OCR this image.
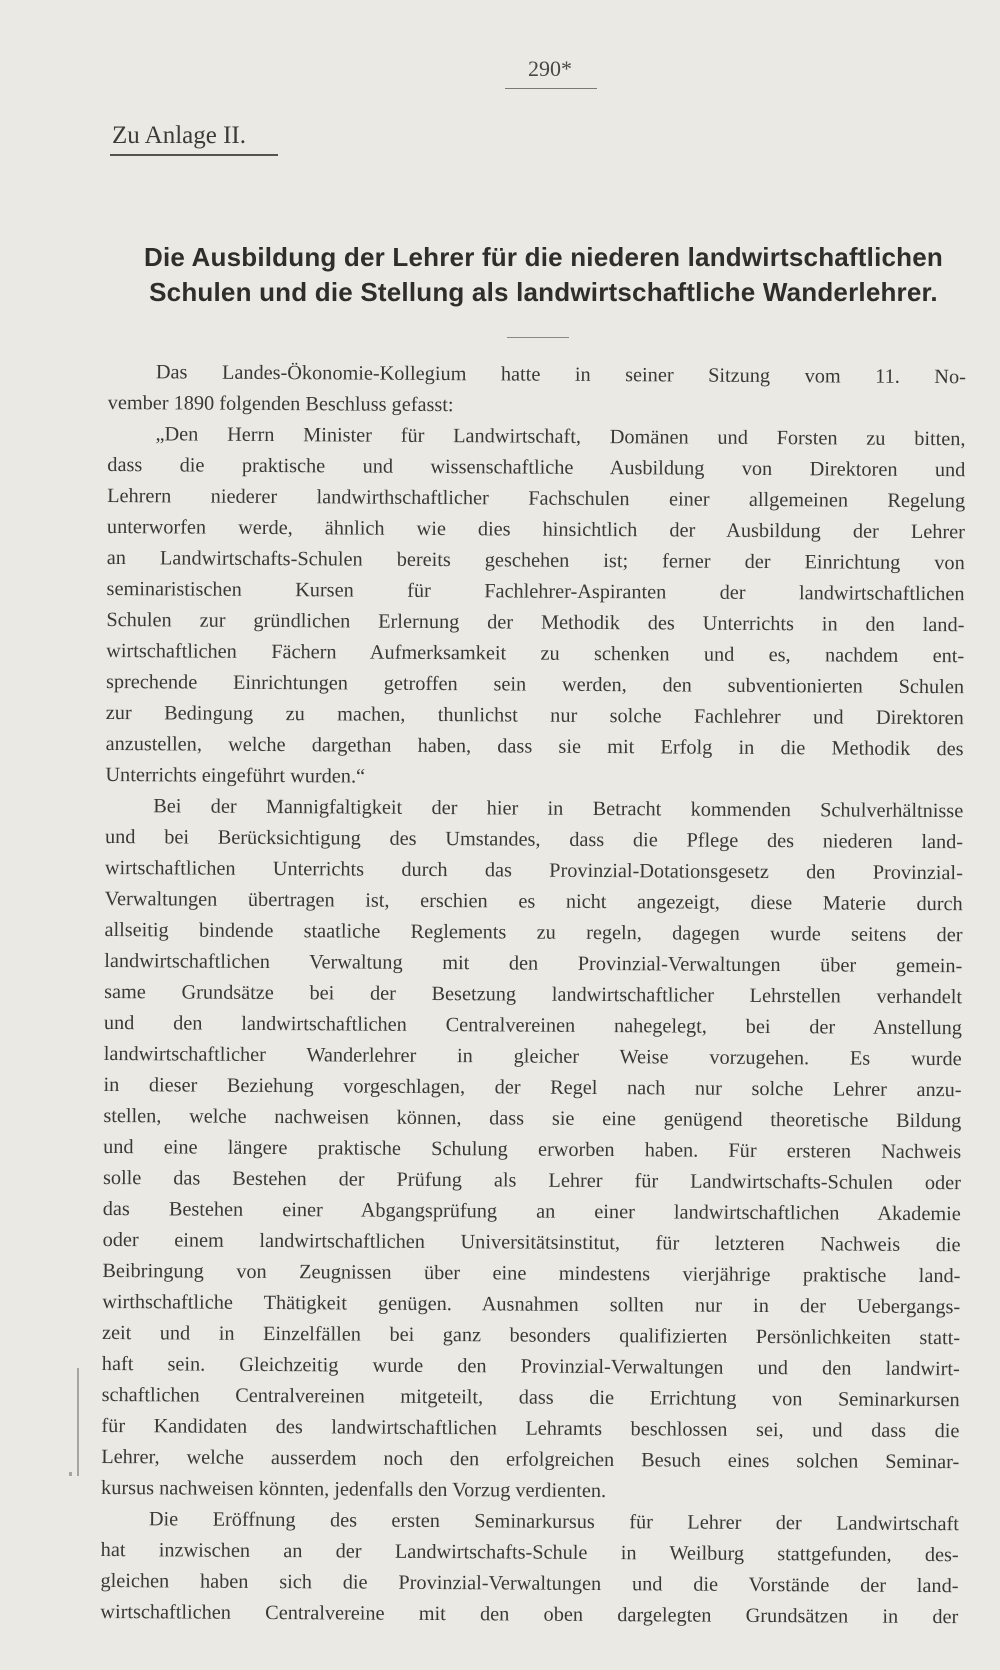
290*
Zu Anlage II.
Die Ausbildung der Lehrer für die niederen landwirtschaftlichen
Schulen und die Stellung als landwirtschaftliche Wanderlehrer.
Das Landes-Ökonomie-Kollegium hatte in seiner Sitzung vom 11. No-
vember 1890 folgenden Beschluss gefasst:
„Den Herrn Minister für Landwirtschaft, Domänen und Forsten zu bitten,
dass die praktische und wissenschaftliche Ausbildung von Direktoren und
Lehrern niederer landwirthschaftlicher Fachschulen einer allgemeinen Regelung
unterworfen werde, ähnlich wie dies hinsichtlich der Ausbildung der Lehrer
an Landwirtschafts-Schulen bereits geschehen ist; ferner der Einrichtung von
seminaristischen Kursen für Fachlehrer-Aspiranten der landwirtschaftlichen
Schulen zur gründlichen Erlernung der Methodik des Unterrichts in den land-
wirtschaftlichen Fächern Aufmerksamkeit zu schenken und es, nachdem ent-
sprechende Einrichtungen getroffen sein werden, den subventionierten Schulen
zur Bedingung zu machen, thunlichst nur solche Fachlehrer und Direktoren
anzustellen, welche dargethan haben, dass sie mit Erfolg in die Methodik des
Unterrichts eingeführt wurden.“
Bei der Mannigfaltigkeit der hier in Betracht kommenden Schulverhältnisse
und bei Berücksichtigung des Umstandes, dass die Pflege des niederen land-
wirtschaftlichen Unterrichts durch das Provinzial-Dotationsgesetz den Provinzial-
Verwaltungen übertragen ist, erschien es nicht angezeigt, diese Materie durch
allseitig bindende staatliche Reglements zu regeln, dagegen wurde seitens der
landwirtschaftlichen Verwaltung mit den Provinzial-Verwaltungen über gemein-
same Grundsätze bei der Besetzung landwirtschaftlicher Lehrstellen verhandelt
und den landwirtschaftlichen Centralvereinen nahegelegt, bei der Anstellung
landwirtschaftlicher Wanderlehrer in gleicher Weise vorzugehen. Es wurde
in dieser Beziehung vorgeschlagen, der Regel nach nur solche Lehrer anzu-
stellen, welche nachweisen können, dass sie eine genügend theoretische Bildung
und eine längere praktische Schulung erworben haben. Für ersteren Nachweis
solle das Bestehen der Prüfung als Lehrer für Landwirtschafts-Schulen oder
das Bestehen einer Abgangsprüfung an einer landwirtschaftlichen Akademie
oder einem landwirtschaftlichen Universitätsinstitut, für letzteren Nachweis die
Beibringung von Zeugnissen über eine mindestens vierjährige praktische land-
wirthschaftliche Thätigkeit genügen. Ausnahmen sollten nur in der Uebergangs-
zeit und in Einzelfällen bei ganz besonders qualifizierten Persönlichkeiten statt-
haft sein. Gleichzeitig wurde den Provinzial-Verwaltungen und den landwirt-
schaftlichen Centralvereinen mitgeteilt, dass die Errichtung von Seminarkursen
für Kandidaten des landwirtschaftlichen Lehramts beschlossen sei, und dass die
Lehrer, welche ausserdem noch den erfolgreichen Besuch eines solchen Seminar-
kursus nachweisen könnten, jedenfalls den Vorzug verdienten.
Die Eröffnung des ersten Seminarkursus für Lehrer der Landwirtschaft
hat inzwischen an der Landwirtschafts-Schule in Weilburg stattgefunden, des-
gleichen haben sich die Provinzial-Verwaltungen und die Vorstände der land-
wirtschaftlichen Centralvereine mit den oben dargelegten Grundsätzen in der
